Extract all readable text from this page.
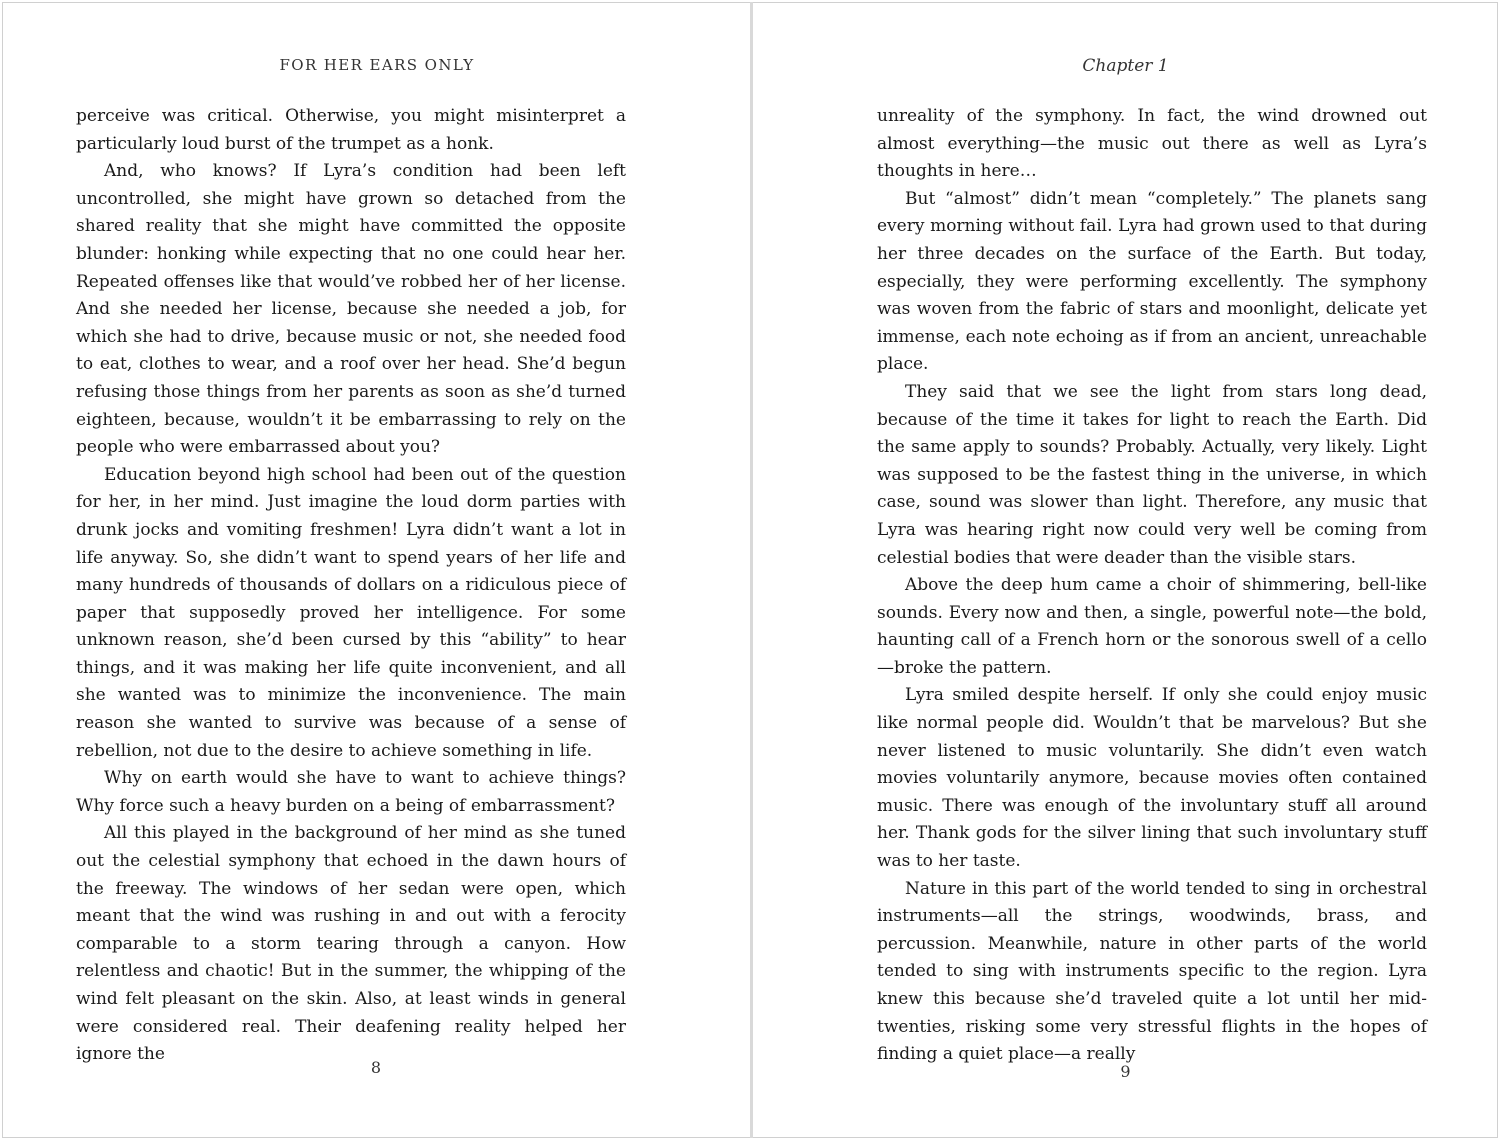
FOR HER EARS ONLY

perceive was critical. Otherwise, you might misinterpret a particularly loud burst of the trumpet as a honk.

And, who knows? If Lyra’s condition had been left uncontrolled, she might have grown so detached from the shared reality that she might have committed the opposite blunder: honking while expecting that no one could hear her. Repeated offenses like that would’ve robbed her of her license. And she needed her license, because she needed a job, for which she had to drive, because music or not, she needed food to eat, clothes to wear, and a roof over her head. She’d begun refusing those things from her parents as soon as she’d turned eighteen, because, wouldn’t it be embarrassing to rely on the people who were embarrassed about you?

Education beyond high school had been out of the question for her, in her mind. Just imagine the loud dorm parties with drunk jocks and vomiting freshmen! Lyra didn’t want a lot in life anyway. So, she didn’t want to spend years of her life and many hundreds of thousands of dollars on a ridiculous piece of paper that supposedly proved her intelligence. For some unknown reason, she’d been cursed by this “ability” to hear things, and it was making her life quite inconvenient, and all she wanted was to minimize the inconvenience. The main reason she wanted to survive was because of a sense of rebellion, not due to the desire to achieve something in life.

Why on earth would she have to want to achieve things? Why force such a heavy burden on a being of embarrassment?

All this played in the background of her mind as she tuned out the celestial symphony that echoed in the dawn hours of the freeway. The windows of her sedan were open, which meant that the wind was rushing in and out with a ferocity comparable to a storm tearing through a canyon. How relentless and chaotic! But in the summer, the whipping of the wind felt pleasant on the skin. Also, at least winds in general were considered real. Their deafening reality helped her ignore the

8
Chapter 1

unreality of the symphony. In fact, the wind drowned out almost everything—the music out there as well as Lyra’s thoughts in here…

But “almost” didn’t mean “completely.” The planets sang every morning without fail. Lyra had grown used to that during her three decades on the surface of the Earth. But today, especially, they were performing excellently. The symphony was woven from the fabric of stars and moonlight, delicate yet immense, each note echoing as if from an ancient, unreachable place.

They said that we see the light from stars long dead, because of the time it takes for light to reach the Earth. Did the same apply to sounds? Probably. Actually, very likely. Light was supposed to be the fastest thing in the universe, in which case, sound was slower than light. Therefore, any music that Lyra was hearing right now could very well be coming from celestial bodies that were deader than the visible stars.

Above the deep hum came a choir of shimmering, bell-like sounds. Every now and then, a single, powerful note—the bold, haunting call of a French horn or the sonorous swell of a cello—broke the pattern.

Lyra smiled despite herself. If only she could enjoy music like normal people did. Wouldn’t that be marvelous? But she never listened to music voluntarily. She didn’t even watch movies voluntarily anymore, because movies often contained music. There was enough of the involuntary stuff all around her. Thank gods for the silver lining that such involuntary stuff was to her taste.

Nature in this part of the world tended to sing in orchestral instruments—all the strings, woodwinds, brass, and percussion. Meanwhile, nature in other parts of the world tended to sing with instruments specific to the region. Lyra knew this because she’d traveled quite a lot until her mid-twenties, risking some very stressful flights in the hopes of finding a quiet place—a really

9
